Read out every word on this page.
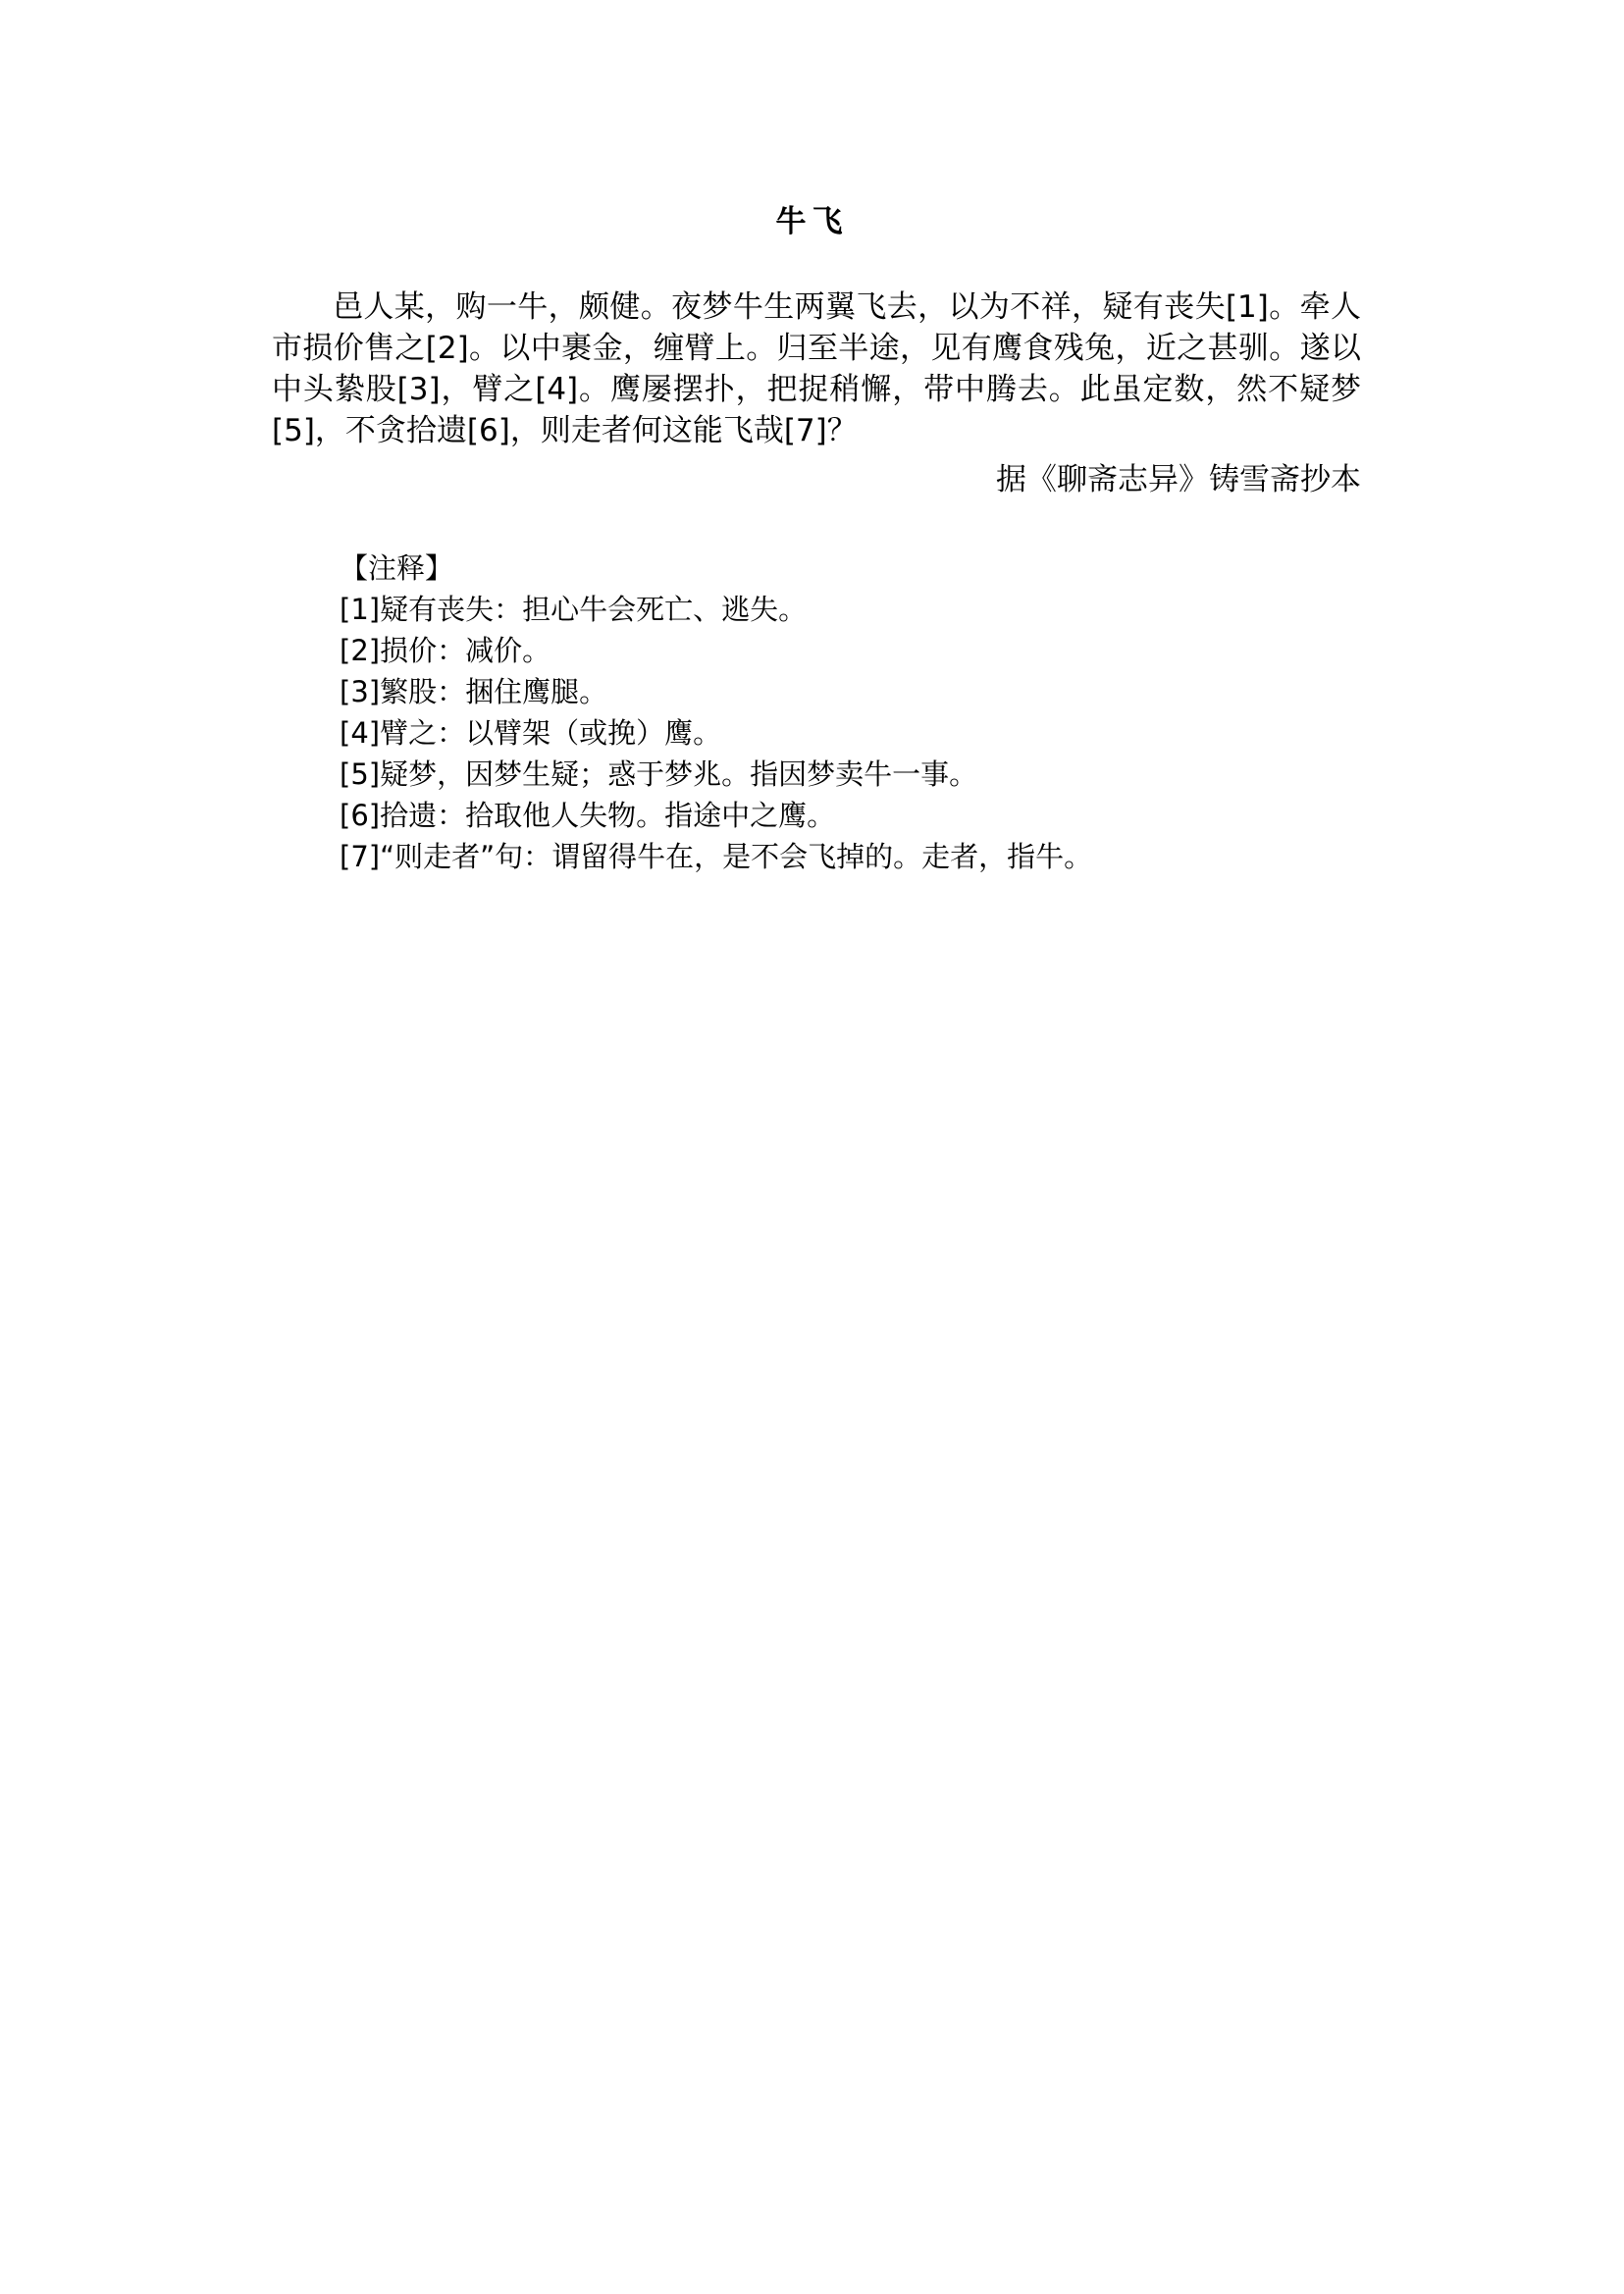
牛飞

邑人某，购一牛，颇健。夜梦牛生两翼飞去，以为不祥，疑有丧失[1]。牵人市损价售之[2]。以中裹金，缠臂上。归至半途，见有鹰食残兔，近之甚驯。遂以中头絷股[3]，臂之[4]。鹰屡摆扑，把捉稍懈，带中腾去。此虽定数，然不疑梦[5]，不贪拾遗[6]，则走者何这能飞哉[7]？

据《聊斋志异》铸雪斋抄本
【注释】
[1]疑有丧失：担心牛会死亡、逃失。
[2]损价：减价。
[3]繁股：捆住鹰腿。
[4]臂之：以臂架（或挽）鹰。
[5]疑梦，因梦生疑；惑于梦兆。指因梦卖牛一事。
[6]拾遗：拾取他人失物。指途中之鹰。
[7]“则走者”句：谓留得牛在，是不会飞掉的。走者，指牛。
